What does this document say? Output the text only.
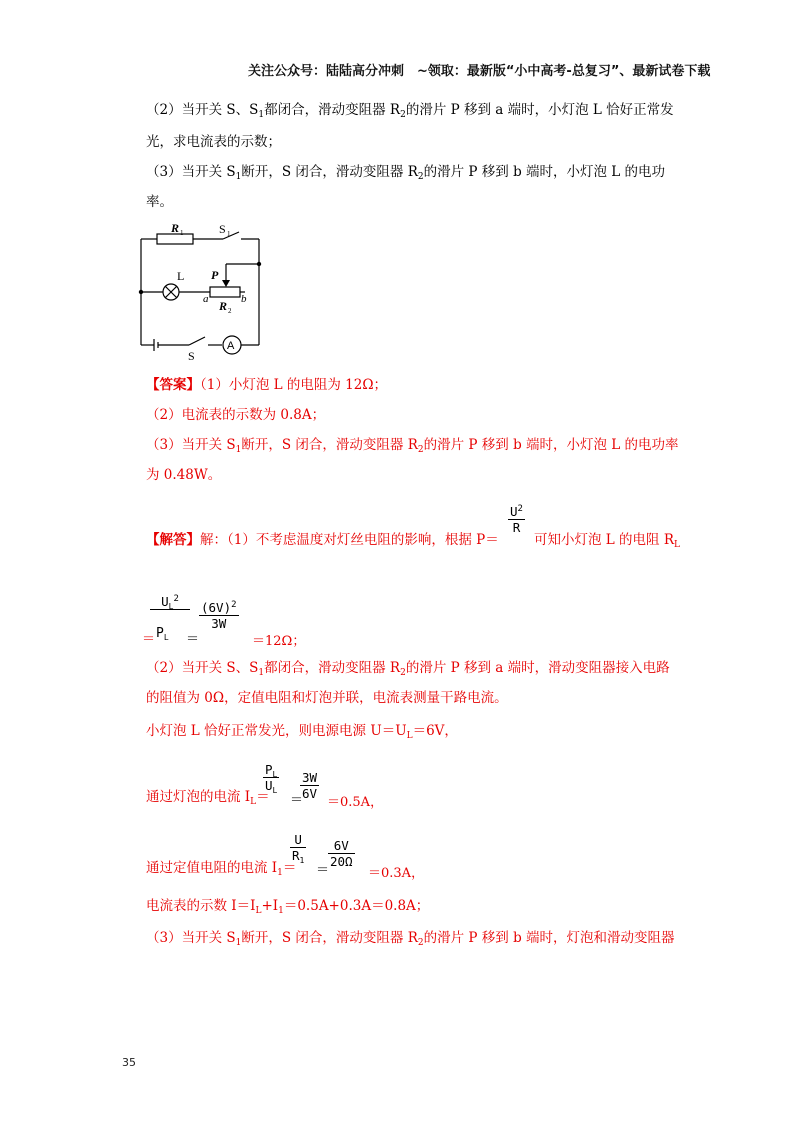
关注公众号：陆陆高分冲刺　~领取：最新版“小中高考-总复习”、最新试卷下载
（2）当开关 S、$S_1$都闭合，滑动变阻器 $R_2$的滑片 P 移到 a 端时，小灯泡 L 恰好正常发
光，求电流表的示数；
（3）当开关 $S_1$断开，S 闭合，滑动变阻器 $R_2$的滑片 P 移到 b 端时，小灯泡 L 的电功
率。
R 1	S 1
L P
a	b
R 2
S
A
【答案】（1）小灯泡 L 的电阻为 12Ω；
（2）电流表的示数为 0.8A；
（3）当开关 $S_1$断开，S 闭合，滑动变阻器 $R_2$的滑片 P 移到 b 端时，小灯泡 L 的电功率
为 0.48W。
【解答】解：（1）不考虑温度对灯丝电阻的影响，根据 P＝
$U^2$
R
可知小灯泡 L 的电阻 $R_L$
$U_L^2$
＝ $P_L$ ＝
$(6V)^2$
3W
＝12Ω；
（2）当开关 S、$S_1$都闭合，滑动变阻器 $R_2$的滑片 P 移到 a 端时，滑动变阻器接入电路
的阻值为 0Ω，定值电阻和灯泡并联，电流表测量干路电流。
小灯泡 L 恰好正常发光，则电源电源 $U=U_L=6V$，
通过灯泡的电流 $I_L=$
$P_L$
$U_L$
＝
3W
6V
＝0.5A，
通过定值电阻的电流 $I_1=$
U
$R_1$
＝
6V
20Ω
＝0.3A，
电流表的示数 $I=I_L+I_1=0.5A+0.3A=0.8A$；
（3）当开关 $S_1$断开，S 闭合，滑动变阻器 $R_2$的滑片 P 移到 b 端时，灯泡和滑动变阻器
35
